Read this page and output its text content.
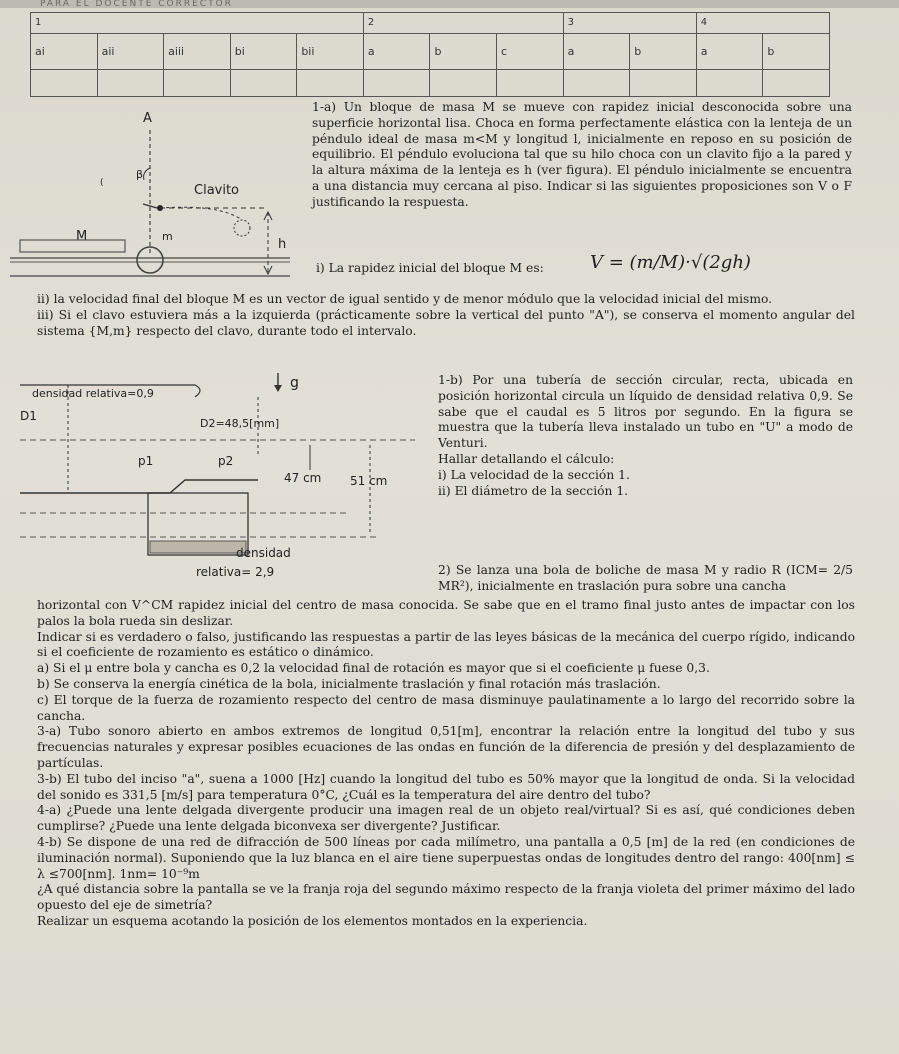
PARA EL DOCENTE CORRECTOR
1					2			3		4	
ai	aii	aiii	bi	bii	a	b	c	a	b	a	b

A
β
(	Clavito
M	m
h

1-a) Un bloque de masa M se mueve con rapidez inicial desconocida sobre una superficie horizontal lisa. Choca en forma perfectamente elástica con la lenteja de un péndulo ideal de masa m<M y longitud l, inicialmente en reposo en su posición de equilibrio. El péndulo evoluciona tal que su hilo choca con un clavito fijo a la pared y la altura máxima de la lenteja es h (ver figura). El péndulo inicialmente se encuentra a una distancia muy cercana al piso. Indicar si las siguientes proposiciones son V o F justificando la respuesta.

i) La rapidez inicial del bloque M es:	V = (m/M)·√(2gh)

ii) la velocidad final del bloque M es un vector de igual sentido y de menor módulo que la velocidad inicial del mismo.

iii) Si el clavo estuviera más a la izquierda (prácticamente sobre la vertical del punto "A"), se conserva el momento angular del sistema {M,m} respecto del clavo, durante todo el intervalo.

g
densidad relativa=0,9
D1
D2=48,5[mm]
p1	p2
47 cm 51 cm
densidad
relativa= 2,9

1-b) Por una tubería de sección circular, recta, ubicada en posición horizontal circula un líquido de densidad relativa 0,9. Se sabe que el caudal es 5 litros por segundo. En la figura se muestra que la tubería lleva instalado un tubo en "U" a modo de Venturi.

Hallar detallando el cálculo:

i) La velocidad de la sección 1.

ii) El diámetro de la sección 1.

2) Se lanza una bola de boliche de masa M y radio R (ICM= 2/5 MR²), inicialmente en traslación pura sobre una cancha

horizontal con V^CM rapidez inicial del centro de masa conocida. Se sabe que en el tramo final justo antes de impactar con los palos la bola rueda sin deslizar.

Indicar si es verdadero o falso, justificando las respuestas a partir de las leyes básicas de la mecánica del cuerpo rígido, indicando si el coeficiente de rozamiento es estático o dinámico.

a) Si el μ entre bola y cancha es 0,2 la velocidad final de rotación es mayor que si el coeficiente μ fuese 0,3.

b) Se conserva la energía cinética de la bola, inicialmente traslación y final rotación más traslación.

c) El torque de la fuerza de rozamiento respecto del centro de masa disminuye paulatinamente a lo largo del recorrido sobre la cancha.

3-a) Tubo sonoro abierto en ambos extremos de longitud 0,51[m], encontrar la relación entre la longitud del tubo y sus frecuencias naturales y expresar posibles ecuaciones de las ondas en función de la diferencia de presión y del desplazamiento de partículas.

3-b) El tubo del inciso "a", suena a 1000 [Hz] cuando la longitud del tubo es 50% mayor que la longitud de onda. Si la velocidad del sonido es 331,5 [m/s] para temperatura 0°C, ¿Cuál es la temperatura del aire dentro del tubo?

4-a) ¿Puede una lente delgada divergente producir una imagen real de un objeto real/virtual? Si es así, qué condiciones deben cumplirse? ¿Puede una lente delgada biconvexa ser divergente? Justificar.

4-b) Se dispone de una red de difracción de 500 líneas por cada milímetro, una pantalla a 0,5 [m] de la red (en condiciones de iluminación normal). Suponiendo que la luz blanca en el aire tiene superpuestas ondas de longitudes dentro del rango: 400[nm] ≤ λ ≤700[nm]. 1nm= 10⁻⁹m

¿A qué distancia sobre la pantalla se ve la franja roja del segundo máximo respecto de la franja violeta del primer máximo del lado opuesto del eje de simetría?

Realizar un esquema acotando la posición de los elementos montados en la experiencia.
